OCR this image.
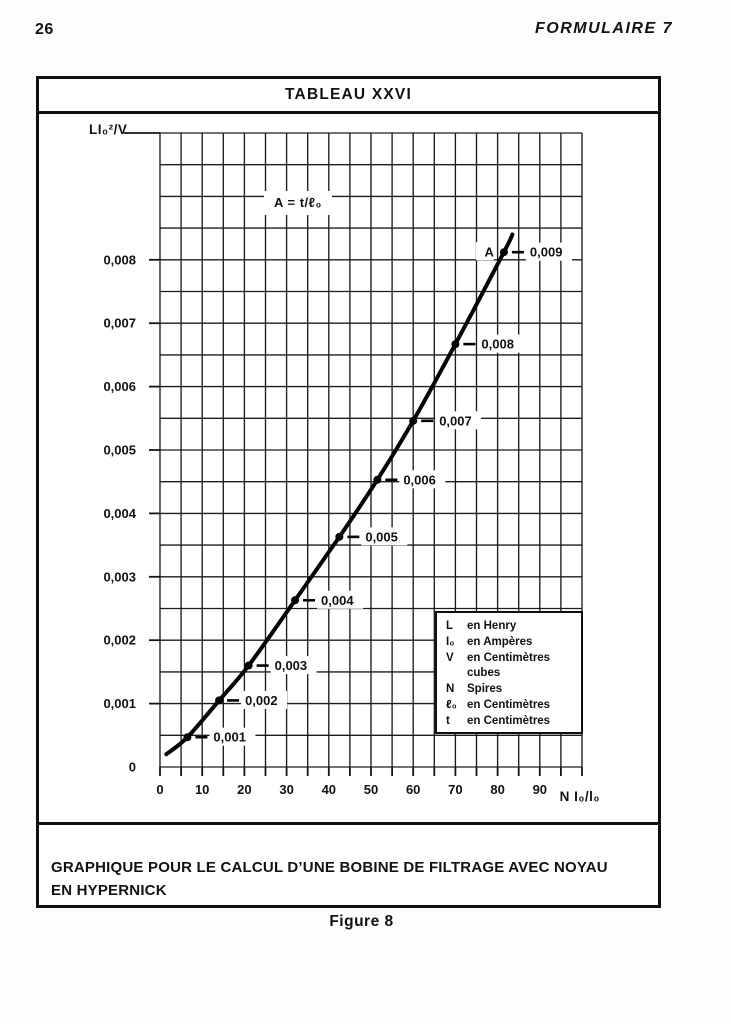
26	FORMULAIRE 7
TABLEAU XXVI
0 10 20 30 40 50 60 70 80 90
0
0,001
0,002
0,003
0,004
0,005
0,006
0,007
0,008
0,001
0,002
0,003
0,004
0,005
0,006
0,007
0,008
0,009
A
LI₀²/V
N I₀/l₀
A = t/ℓ₀
L	en Henry
I₀	en Ampères
V	en Centimètres
cubes
N	Spires
ℓ₀ en Centimètres
t	en Centimètres
GRAPHIQUE POUR LE CALCUL D’UNE BOBINE DE FILTRAGE AVEC NOYAU
EN HYPERNICK
Figure 8
